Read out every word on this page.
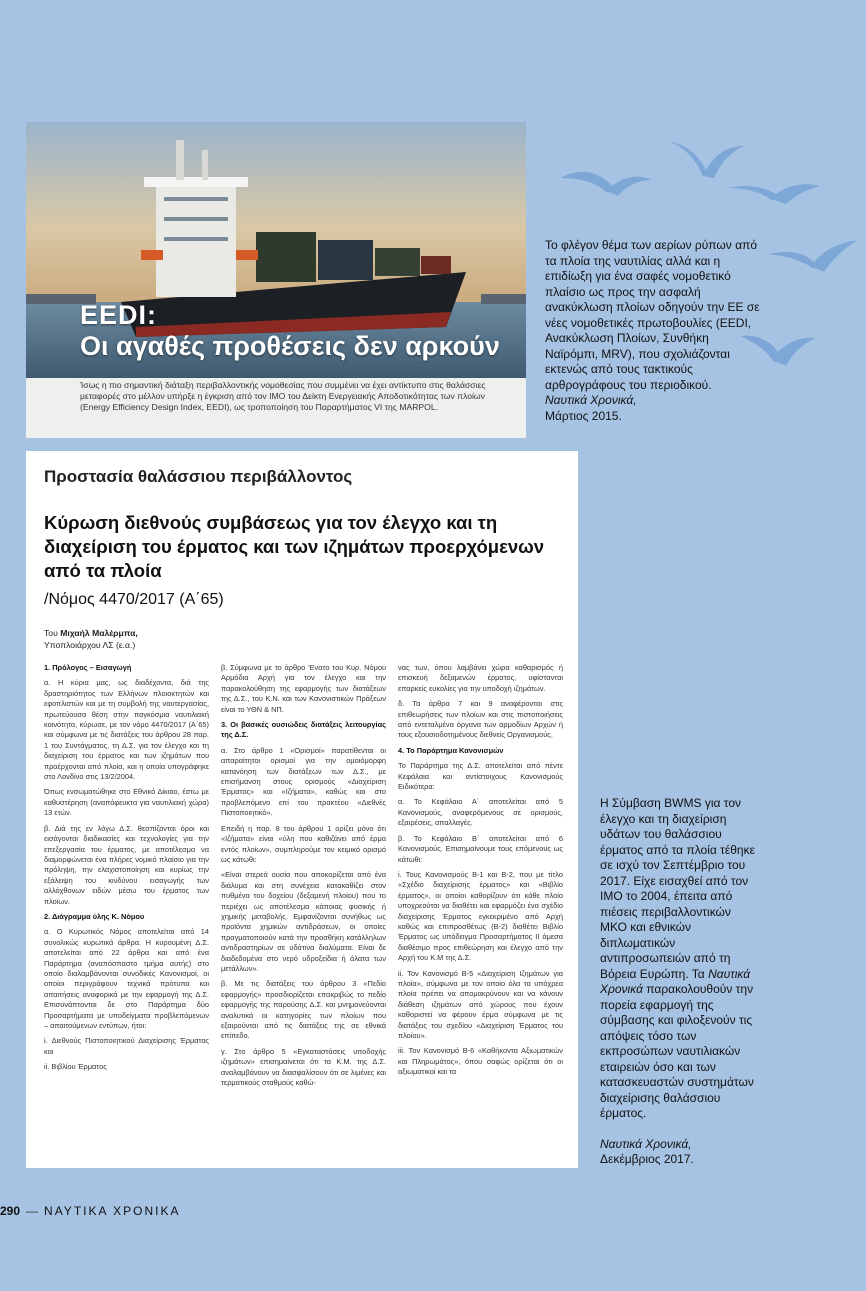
EEDI:
Οι αγαθές προθέσεις δεν αρκούν
Ίσως η πιο σημαντική διάταξη περιβαλλοντικής νομοθεσίας που συμμένει να έχει αντίκτυπο στις θαλάσσιες μεταφορές στο μέλλον υπήρξε η έγκριση από τον ΙΜΟ του Δείκτη Ενεργειακής Αποδοτικότητας των πλοίων (Energy Efficiency Design Index, EEDI), ως τροποποίηση του Παραρτήματος VI της MARPOL.
Το φλέγον θέμα των αερίων ρύπων από τα πλοία της ναυτιλίας αλλά και η επιδίωξη για ένα σαφές νομοθετικό πλαίσιο ως προς την ασφαλή ανακύκλωση πλοίων οδηγούν την ΕΕ σε νέες νομοθετικές πρωτοβουλίες (EEDI, Ανακύκλωση Πλοίων, Συνθήκη Ναϊρόμπι, MRV), που σχολιάζονται εκτενώς από τους τακτικούς αρθρογράφους του περιοδικού.
Ναυτικά Χρονικά,
Μάρτιος 2015.
Προστασία θαλάσσιου περιβάλλοντος
Κύρωση διεθνούς συμβάσεως για τον έλεγχο και τη διαχείριση του έρματος και των ιζημάτων προερχόμενων από τα πλοία
/Νόμος 4470/2017 (Α΄65)
Του Μιχαήλ Μαλέρμπα,
Υποπλοιάρχου ΛΣ (ε.α.)

1. Πρόλογος – Εισαγωγή

α. Η κύρια μας, ως διαδέχοντα, διά της δραστηριότητος των Ελλήνων πλοιοκτητών και εφοπλιστών και με τη συμβολή της ναυτεργασίας, πρωτεύουσα θέση στην παγκόσμια ναυτιλιακή κοινότητα, κύρωσε, με τον νόμο 4470/2017 (Α΄65) και σύμφωνα με τις διατάξεις του άρθρου 28 παρ. 1 του Συντάγματος, τη Δ.Σ. για τον έλεγχο και τη διαχείριση του έρματος και των ιζημάτων που προέρχονται από πλοία, και η οποία υπογράφηκε στο Λονδίνο στις 13/2/2004.

Όπως ενσωματώθηκε στο Εθνικό Δίκαιο, έστω με καθυστέρηση (αναπόφευκτα για ναυτιλιακή χώρα) 13 ετών.

β. Διά της εν λόγω Δ.Σ. θεσπίζονται όροι και εισάγονται διαδικασίες και τεχνολογίες για την επεξεργασία του έρματος, με αποτέλεσμα να διαμορφώνεται ένα πλήρες νομικό πλαίσιο για την πρόληψη, την ελαχιστοποίηση και κυρίως την εξάλειψη του κινδύνου εισαγωγής των αλλόχθονων ειδών μέσω του έρματος των πλοίων.

2. Διάγραμμα ύλης Κ. Νόμου

α. Ο Κυρωτικός Νόμος αποτελείται από 14 συνολικώς κυρωτικά άρθρα. Η κυρουμένη Δ.Σ. αποτελείται από 22 άρθρα και από ένα Παράρτημα (αναπόσπαστο τμήμα αυτής) στο οποίο διαλαμβάνονται συνοδικές Κανονισμοί, οι οποίοι περιγράφουν τεχνικά πρότυπα και απαιτήσεις αναφορικά με την εφαρμογή της Δ.Σ. Επισυνάπτονται δε στο Παράρτημα δύο Προσαρτήματα με υποδείγματα προβλεπόμενων – απαιτούμενων εντύπων, ήτοι:

i. Διεθνούς Πιστοποιητικού Διαχείρισης Έρματος και

ii. Βιβλίου Έρματος

β. Σύμφωνα με το άρθρο 'Ενατο του Κυρ. Νόμου Αρμόδια Αρχή για τον έλεγχο και την παρακολούθηση της εφαρμογής των διατάξεων της Δ.Σ., του Κ.Ν. και των Κανονιστικών Πράξεων είναι το ΥΘΝ & ΝΠ.

3. Οι βασικές ουσιώδεις διατάξεις λειτουργίας της Δ.Σ.

α. Στο άρθρο 1 «Ορισμοί» παρατίθενται οι απαραίτητοι ορισμοί για την ομοιόμορφη κατανόηση των διατάξεων των Δ.Σ., με επισήμανση στους ορισμούς «Διαχείριση Έρματος» και «Ιζήματα», καθώς και στο προβλεπόμενο επί του πρακτέου «Διεθνές Πιστοποιητικό».

Επειδή η παρ. 8 του άρθρου 1 ορίζει μόνο ότι «Ιζήματα» είναι «ύλη που καθιζάνει από έρμα εντός πλοίων», συμπληρούμε τον κειμικό ορισμό ως κάτωθι:

«Είναι στερεά ουσία που αποκορίζεται από ένα διάλυμα και στη συνέχεια κατακαθίζει στον πυθμένα του δοχείου (δεξαμενή πλοίου) που το περιέχει ως αποτέλεσμα κάποιας φυσικής ή χημικής μεταβολής. Εμφανίζονται συνήθως ως προϊόντα χημικών αντιδράσεων, οι οποίες πραγματοποιούν κατά την προσθήκη κατάλληλων αντιδραστηρίων σε υδάτινα διαλύματα. Είναι δε διαδεδομένα στο νερό υδροξείδια ή άλατα των μετάλλων».

β. Με τις διατάξεις του άρθρου 3 «Πεδίο εφαρμογής» προσδιορίζεται επακριβώς το πεδίο εφαρμογής της παρούσης Δ.Σ. και μνημονεύονται αναλυτικά οι κατηγορίες των πλοίων που εξαιρούνται από τις διατάξεις της σε εθνικά επίπεδο.

γ. Στο άρθρο 5 «Εγκαταστάσεις υποδοχής ιζημάτων» επισημαίνεται ότι τα Κ.Μ. της Δ.Σ. αναλαμβάνουν να διασφαλίσουν ότι σε λιμένες και τερματικούς σταθμούς καθώ-

νας των, όπου λαμβάνει χώρα καθαρισμός ή επισκευή δεξαμενών έρματος, υφίστανται επαρκείς ευκολίες για την υποδοχή ιζημάτων.

δ. Τα άρθρα 7 και 9 αναφέρονται στις επιθεωρήσεις των πλοίων και στις πιστοποιήσεις από εντεταλμένα όργανα των αρμοδίων Αρχών ή τους εξουσιοδοτημένους διεθνείς Οργανισμούς.

4. Το Παράρτημα Κανονισμών

Το Παράρτημα της Δ.Σ. αποτελείται από πέντε Κεφάλαια και αντίστοιχους Κανονισμούς Ειδικότερα:

α. Το Κεφάλαιο Α΄ αποτελείται από 5 Κανονισμούς, αναφερόμενους σε ορισμούς, εξαιρέσεις, απαλλαγές.

β. Το Κεφάλαιο Β΄ αποτελείται από 6 Κανονισμούς. Επισημαίνουμε τους επόμενους ως κάτωθι:

i. Τους Κανονισμούς Β-1 και Β-2, που με τίτλο «Σχέδιο διαχείρισης έρματος» και «Βιβλίο έρματος», οι οποίοι καθορίζουν ότι κάθε πλοίο υποχρεούται να διαθέτει και εφαρμόζει ένα σχέδιο διαχείρισης Έρματος εγκεκριμένο από Αρχή καθώς και επιπροσθέτως (Β-2) διαθέτει Βιβλίο Έρματος ως υπόδειγμα Προσαρτήματος ΙΙ άμεσα διαθέσιμο προς επιθεώρηση και έλεγχο από την Αρχή του Κ.Μ της Δ.Σ.

ii. Τον Κανονισμό Β-5 «Διαχείριση Ιζημάτων για πλοία», σύμφωνα με τον οποίο όλα τα υπόχρεα πλοία πρέπει να απομακρύνουν και να κάνουν διάθεση ιζημάτων από χώρους που έχουν καθοριστεί να φέρουν έρμα σύμφωνα με τις διατάξεις του σχεδίου «Διαχείριση Έρματος του πλοίου».

iii. Τον Κανονισμό Β-6 «Καθήκοντα Αξιωματικών και Πληρωμάτος», όπου σαφώς ορίζεται ότι οι αξιωματικοί και τα

Η Σύμβαση BWMS για τον έλεγχο και τη διαχείριση υδάτων του θαλάσσιου έρματος από τα πλοία τέθηκε σε ισχύ τον Σεπτέμβριο του 2017. Είχε εισαχθεί από τον IMO το 2004, έπειτα από πιέσεις περιβαλλοντικών ΜΚΟ και εθνικών διπλωματικών αντιπροσωπειών από τη Βόρεια Ευρώπη. Τα Ναυτικά Χρονικά παρακολουθούν την πορεία εφαρμογή της σύμβασης και φιλοξενούν τις απόψεις τόσο των εκπροσώπων ναυτιλιακών εταιρειών όσο και των κατασκευαστών συστημάτων διαχείρισης θαλάσσιου έρματος.
Ναυτικά Χρονικά,
Δεκέμβριος 2017.
290 — ΝΑΥΤΙΚΑ ΧΡΟΝΙΚΑ
